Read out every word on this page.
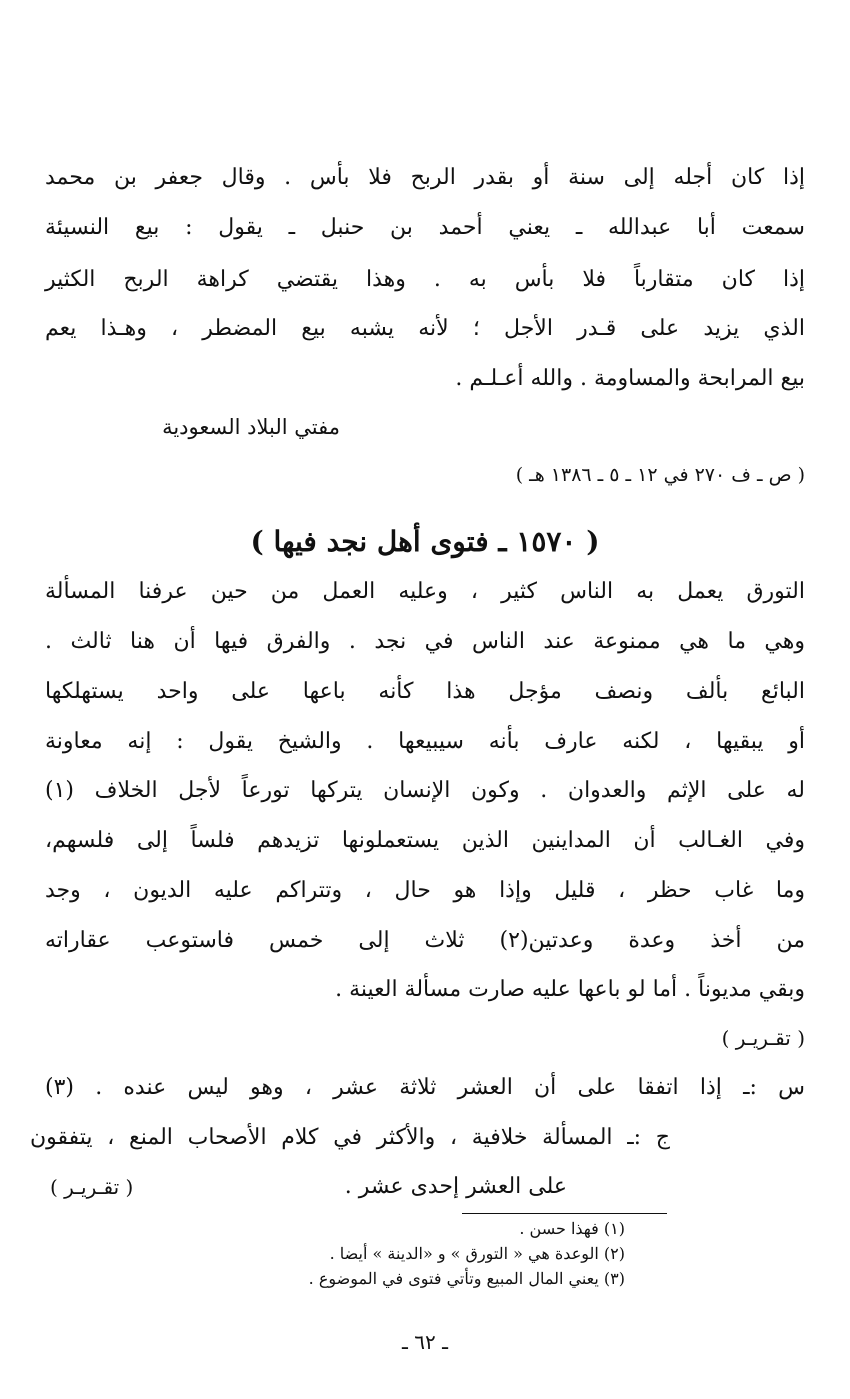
إذا كان أجله إلى سنة أو بقدر الربح فلا بأس . وقال جعفر بن محمد
سمعت أبا عبدالله ـ يعني أحمد بن حنبل ـ يقول : بيع النسيئة
إذا كان متقارباً فلا بأس به . وهذا يقتضي كراهة الربح الكثير
الذي يزيد على قـدر الأجل ؛ لأنه يشبه بيع المضطر ، وهـذا يعم
بيع المرابحة والمساومة . والله أعـلـم .
مفتي البلاد السعودية
( ص ـ ف ٢٧٠ في ١٢ ـ ٥ ـ ١٣٨٦ هـ )
( ١٥٧٠ ـ فتوى أهل نجد فيها )
التورق يعمل به الناس كثير ، وعليه العمل من حين عرفنا المسألة
وهي ما هي ممنوعة عند الناس في نجد . والفرق فيها أن هنا ثالث .
البائع بألف ونصف مؤجل هذا كأنه باعها على واحد يستهلكها
أو يبقيها ، لكنه عارف بأنه سيبيعها . والشيخ يقول : إنه معاونة
له على الإثم والعدوان . وكون الإنسان يتركها تورعاً لأجل الخلاف (١)
وفي الغـالب أن المداينين الذين يستعملونها تزيدهم فلساً إلى فلسهم،
وما غاب حظر ، قليل وإذا هو حال ، وتتراكم عليه الديون ، وجد
من أخذ وعدة وعدتين(٢) ثلاث إلى خمس فاستوعب عقاراته
وبقي مديوناً . أما لو باعها عليه صارت مسألة العينة .
( تقـريـر )
س :ـ إذا اتفقا على أن العشر ثلاثة عشر ، وهو ليس عنده . (٣)
ج :ـ المسألة خلافية ، والأكثر في كلام الأصحاب المنع ، يتفقون
على العشر إحدى عشر .
( تقـريـر )
(١) فهذا حسن .
(٢) الوعدة هي « التورق » و «الدينة » أيضا .
(٣) يعني المال المبيع وتأتي فتوى في الموضوع .
ـ ٦٢ ـ
